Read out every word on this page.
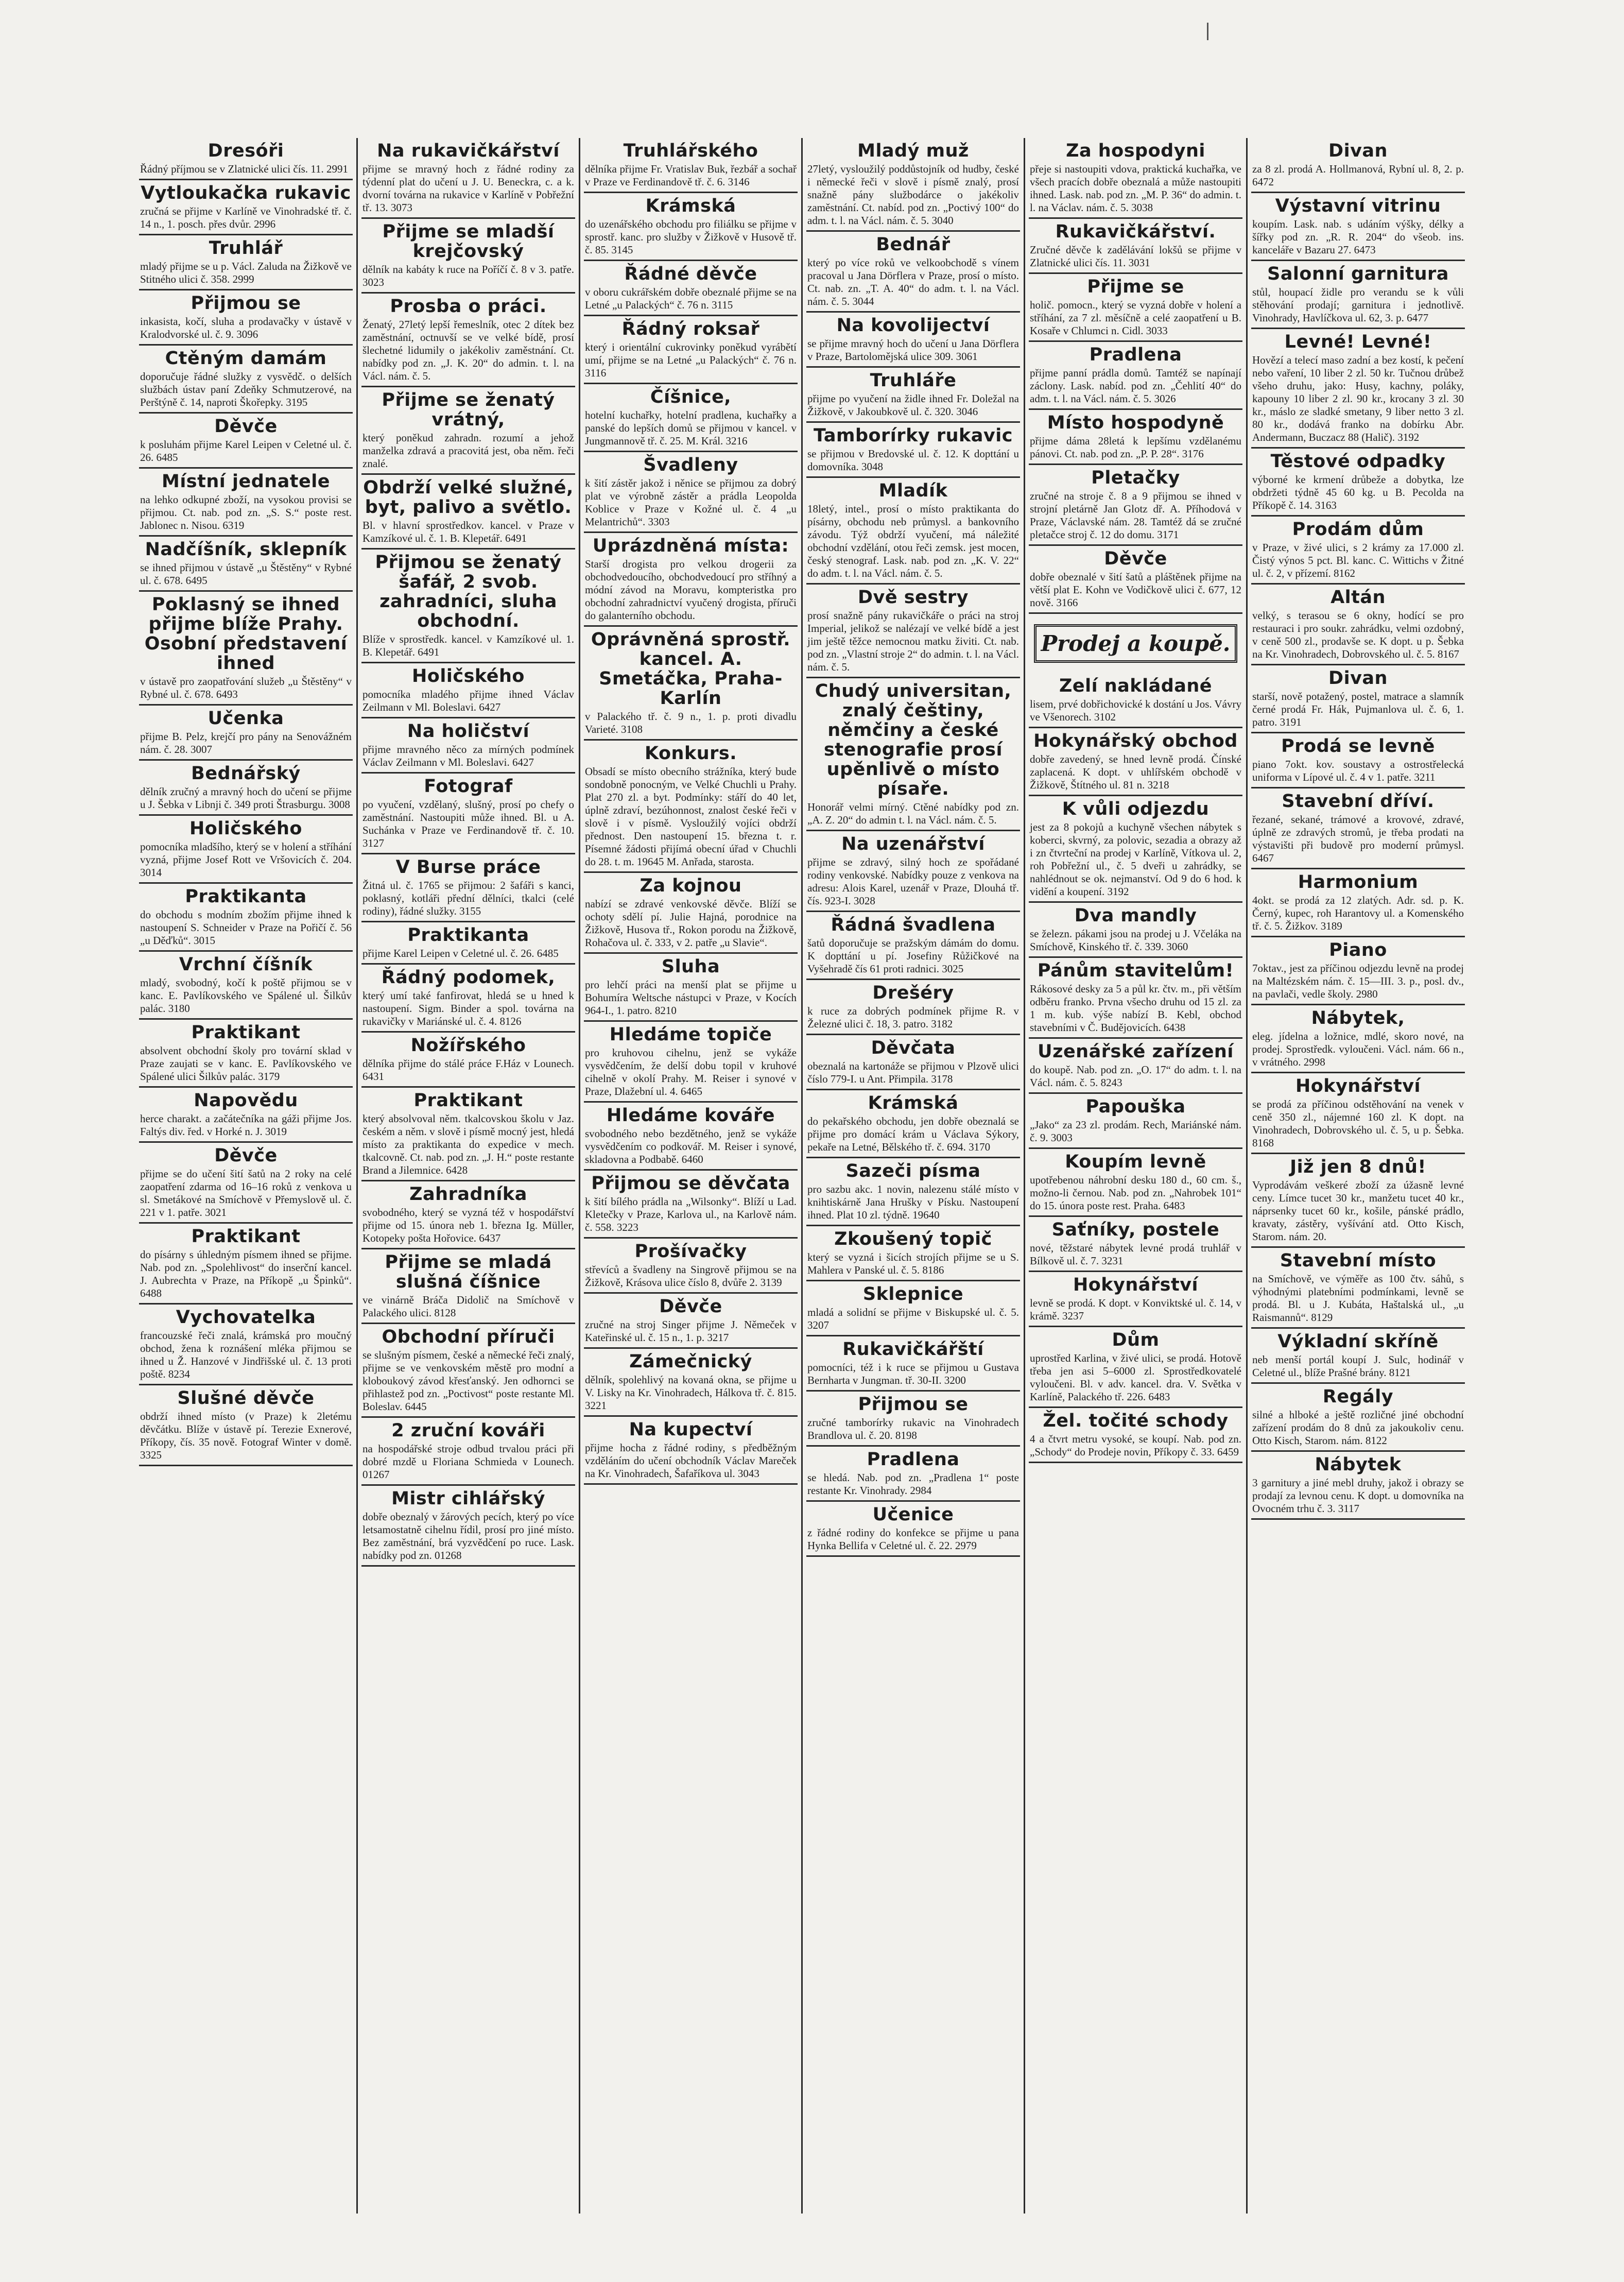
Dresóři
Řádný příjmou se v Zlatnické ulici čís. 11. 2991
Vytloukačka rukavic
zručná se přijme v Karlíně ve Vinohradské tř. č. 14 n., 1. posch. přes dvůr. 2996
Truhlář
mladý přijme se u p. Václ. Zaluda na Žižkově ve Stitného ulici č. 358. 2999
Přijmou se
inkasista, kočí, sluha a prodavačky v ústavě v Kralodvorské ul. č. 9. 3096
Ctěným damám
doporučuje řádné služky z vysvědč. o delších službách ústav paní Zdeňky Schmutzerové, na Perštýně č. 14, naproti Škořepky. 3195
Děvče
k posluhám přijme Karel Leipen v Celetné ul. č. 26. 6485
Místní jednatele
na lehko odkupné zboží, na vysokou provisi se přijmou. Ct. nab. pod zn. „S. S.“ poste rest. Jablonec n. Nisou. 6319
Nadčíšník, sklepník
se ihned přijmou v ústavě „u Štěstěny“ v Rybné ul. č. 678. 6495
Poklasný se ihned přijme blíže Prahy. Osobní představení ihned
v ústavě pro zaopatřování služeb „u Štěstěny“ v Rybné ul. č. 678. 6493
Učenka
přijme B. Pelz, krejčí pro pány na Senovážném nám. č. 28. 3007
Bednářský
dělník zručný a mravný hoch do učení se přijme u J. Šebka v Libnji č. 349 proti Štrasburgu. 3008
Holičského
pomocníka mladšího, který se v holení a stříhání vyzná, přijme Josef Rott ve Vršovicích č. 204. 3014
Praktikanta
do obchodu s modním zbožím přijme ihned k nastoupení S. Schneider v Praze na Pořičí č. 56 „u Děďků“. 3015
Vrchní číšník
mladý, svobodný, kočí k poště přijmou se v kanc. E. Pavlíkovského ve Spálené ul. Šilkův palác. 3180
Praktikant
absolvent obchodní školy pro tovární sklad v Praze zaujati se v kanc. E. Pavlíkovského ve Spálené ulici Šilkův palác. 3179
Napovědu
herce charakt. a začátečníka na gáži přijme Jos. Faltýs div. řed. v Horké n. J. 3019
Děvče
přijme se do učení šití šatů na 2 roky na celé zaopatření zdarma od 16–16 roků z venkova u sl. Smetákové na Smíchově v Přemyslově ul. č. 221 v 1. patře. 3021
Praktikant
do písárny s úhledným písmem ihned se přijme. Nab. pod zn. „Spolehlivost“ do inserční kancel. J. Aubrechta v Praze, na Příkopě „u Špinků“. 6488
Vychovatelka
francouzské řeči znalá, krámská pro moučný obchod, žena k roznášení mléka přijmou se ihned u Ž. Hanzové v Jindřišské ul. č. 13 proti poště. 8234
Slušné děvče
obdrží ihned místo (v Praze) k 2letému děvčátku. Blíže v ústavě pí. Terezie Exnerové, Příkopy, čís. 35 nově. Fotograf Winter v domě. 3325
Na rukavičkářství
přijme se mravný hoch z řádné rodiny za týdenní plat do učení u J. U. Beneckra, c. a k. dvorní továrna na rukavice v Karlíně v Pobřežní tř. 13. 3073
Přijme se mladší krejčovský
dělník na kabáty k ruce na Poříčí č. 8 v 3. patře. 3023
Prosba o práci.
Ženatý, 27letý lepší řemeslník, otec 2 dítek bez zaměstnání, octnuvší se ve velké bídě, prosí šlechetné lidumily o jakékoliv zaměstnání. Ct. nabídky pod zn. „J. K. 20“ do admin. t. l. na Václ. nám. č. 5.
Přijme se ženatý vrátný,
který poněkud zahradn. rozumí a jehož manželka zdravá a pracovitá jest, oba něm. řeči znalé.
Obdrží velké služné, byt, palivo a světlo.
Bl. v hlavní sprostředkov. kancel. v Praze v Kamzíkové ul. č. 1. B. Klepetář. 6491
Přijmou se ženatý šafář, 2 svob. zahradníci, sluha obchodní.
Blíže v sprostředk. kancel. v Kamzíkové ul. 1. B. Klepetář. 6491
Holičského
pomocníka mladého přijme ihned Václav Zeilmann v Ml. Boleslavi. 6427
Na holičství
přijme mravného něco za mírných podmínek Václav Zeilmann v Ml. Boleslavi. 6427
Fotograf
po vyučení, vzdělaný, slušný, prosí po chefy o zaměstnání. Nastoupiti může ihned. Bl. u A. Suchánka v Praze ve Ferdinandově tř. č. 10. 3127
V Burse práce
Žitná ul. č. 1765 se přijmou: 2 šafáři s kanci, poklasný, kotláři přední dělníci, tkalci (celé rodiny), řádné služky. 3155
Praktikanta
přijme Karel Leipen v Celetné ul. č. 26. 6485
Řádný podomek,
který umí také fanfirovat, hledá se u hned k nastoupení. Sigm. Binder a spol. továrna na rukavičky v Mariánské ul. č. 4. 8126
Nožířského
dělníka přijme do stálé práce F.Ház v Lounech. 6431
Praktikant
který absolvoval něm. tkalcovskou školu v Jaz. českém a něm. v slově i písmě mocný jest, hledá místo za praktikanta do expedice v mech. tkalcovně. Ct. nab. pod zn. „J. H.“ poste restante Brand a Jilemnice. 6428
Zahradníka
svobodného, který se vyzná též v hospodářství přijme od 15. února neb 1. března Ig. Müller, Kotopeky pošta Hořovice. 6437
Přijme se mladá slušná číšnice
ve vinárně Bráča Didolič na Smíchově v Palackého ulici. 8128
Obchodní příruči
se slušným písmem, české a německé řeči znalý, přijme se ve venkovském městě pro modní a kloboukový závod křesťanský. Jen odhornci se přihlastež pod zn. „Poctivost“ poste restante Ml. Boleslav. 6445
2 zruční kováři
na hospodářské stroje odbud trvalou práci při dobré mzdě u Floriana Schmieda v Lounech. 01267
Mistr cihlářský
dobře obeznalý v žárových pecích, který po více letsamostatně cihelnu řídil, prosí pro jiné místo. Bez zaměstnání, brá vyzvědčení po ruce. Lask. nabídky pod zn. 01268
Truhlářského
dělníka přijme Fr. Vratislav Buk, řezbář a sochař v Praze ve Ferdinandově tř. č. 6. 3146
Krámská
do uzenářského obchodu pro filiálku se přijme v sprostř. kanc. pro služby v Žižkově v Husově tř. č. 85. 3145
Řádné děvče
v oboru cukrářském dobře obeznalé přijme se na Letné „u Palackých“ č. 76 n. 3115
Řádný roksař
který i orientální cukrovinky poněkud vyrábětí umí, přijme se na Letné „u Palackých“ č. 76 n. 3116
Číšnice,
hotelní kuchařky, hotelní pradlena, kuchařky a panské do lepších domů se přijmou v kancel. v Jungmannově tř. č. 25. M. Král. 3216
Švadleny
k šití zástěr jakož i něnice se přijmou za dobrý plat ve výrobně zástěr a prádla Leopolda Koblice v Praze v Kožné ul. č. 4 „u Melantrichů“. 3303
Uprázdněná místa:
Starší drogista pro velkou drogerii za obchodvedoucího, obchodvedoucí pro stříhný a módní závod na Moravu, kompteristka pro obchodní zahradnictví vyučený drogista, příruči do galanterního obchodu.
Oprávněná sprostř. kancel. A. Smetáčka, Praha-Karlín
v Palackého tř. č. 9 n., 1. p. proti divadlu Varieté. 3108
Konkurs.
Obsadí se místo obecního strážníka, který bude sondobně ponocným, ve Velké Chuchli u Prahy. Plat 270 zl. a byt. Podmínky: stáří do 40 let, úplně zdraví, bezúhonnost, znalost české řeči v slově i v písmě. Vysloužilý vojíci obdrží přednost. Den nastoupení 15. března t. r. Písemné žádosti přijímá obecní úřad v Chuchli do 28. t. m. 19645 M. Anřada, starosta.
Za kojnou
nabízí se zdravé venkovské děvče. Blíží se ochoty sdělí pí. Julie Hajná, porodnice na Žižkově, Husova tř., Rokon porodu na Žižkově, Rohačova ul. č. 333, v 2. patře „u Slavie“.
Sluha
pro lehčí práci na menší plat se přijme u Bohumíra Weltsche nástupci v Praze, v Kocích 964-I., 1. patro. 8210
Hledáme topiče
pro kruhovou cihelnu, jenž se vykáže vysvědčením, že delší dobu topil v kruhové cihelně v okolí Prahy. M. Reiser i synové v Praze, Dlažební ul. 4. 6465
Hledáme kováře
svobodného nebo bezdětného, jenž se vykáže vysvědčením co podkovář. M. Reiser i synové, skladovna a Podbabě. 6460
Přijmou se děvčata
k šití bílého prádla na „Wilsonky“. Blíží u Lad. Kletečky v Praze, Karlova ul., na Karlově nám. č. 558. 3223
Prošívačky
střevíců a švadleny na Singrově přijmou se na Žižkově, Krásova ulice číslo 8, dvůře 2. 3139
Děvče
zručné na stroj Singer přijme J. Němeček v Kateřinské ul. č. 15 n., 1. p. 3217
Zámečnický
dělník, spolehlivý na kovaná okna, se přijme u V. Lisky na Kr. Vinohradech, Hálkova tř. č. 815. 3221
Na kupectví
přijme hocha z řádné rodiny, s předběžným vzděláním do učení obchodník Václav Mareček na Kr. Vinohradech, Šafaříkova ul. 3043
Mladý muž
27letý, vysloužilý poddůstojník od hudby, české i německé řeči v slově i písmě znalý, prosí snažně pány službodárce o jakékoliv zaměstnání. Ct. nabíd. pod zn. „Poctivý 100“ do adm. t. l. na Václ. nám. č. 5. 3040
Bednář
který po více roků ve velkoobchodě s vínem pracoval u Jana Dörflera v Praze, prosí o místo. Ct. nab. zn. „T. A. 40“ do adm. t. l. na Václ. nám. č. 5. 3044
Na kovolijectví
se přijme mravný hoch do učení u Jana Dörflera v Praze, Bartolomějská ulice 309. 3061
Truhláře
přijme po vyučení na židle ihned Fr. Doležal na Žižkově, v Jakoubkově ul. č. 320. 3046
Tamborírky rukavic
se přijmou v Bredovské ul. č. 12. K dopttání u domovníka. 3048
Mladík
18letý, intel., prosí o místo praktikanta do písárny, obchodu neb průmysl. a bankovního závodu. Týž obdrží vyučení, má náležité obchodní vzdělání, otou řeči zemsk. jest mocen, český stenograf. Lask. nab. pod zn. „K. V. 22“ do adm. t. l. na Václ. nám. č. 5.
Dvě sestry
prosí snažně pány rukavičkáře o práci na stroj Imperial, jelikož se nalézají ve velké bídě a jest jim ještě těžce nemocnou matku živiti. Ct. nab. pod zn. „Vlastní stroje 2“ do admin. t. l. na Václ. nám. č. 5.
Chudý universitan, znalý češtiny, němčiny a české stenografie prosí upěnlivě o místo písaře.
Honorář velmi mírný. Ctěné nabídky pod zn. „A. Z. 20“ do admin t. l. na Václ. nám. č. 5.
Na uzenářství
přijme se zdravý, silný hoch ze spořádané rodiny venkovské. Nabídky pouze z venkova na adresu: Alois Karel, uzenář v Praze, Dlouhá tř. čís. 923-I. 3028
Řádná švadlena
šatů doporučuje se pražským dámám do domu. K dopttání u pí. Josefiny Růžičkové na Vyšehradě čís 61 proti radnici. 3025
Drešéry
k ruce za dobrých podmínek přijme R. v Železné ulici č. 18, 3. patro. 3182
Děvčata
obeznalá na kartonáže se přijmou v Plzově ulici číslo 779-I. u Ant. Přimpila. 3178
Krámská
do pekařského obchodu, jen dobře obeznalá se přijme pro domácí krám u Václava Sýkory, pekaře na Letné, Bělského tř. č. 694. 3170
Sazeči písma
pro sazbu akc. 1 novin, nalezenu stálé místo v knihtiskárně Jana Hrušky v Písku. Nastoupení ihned. Plat 10 zl. týdně. 19640
Zkoušený topič
který se vyzná i šicích strojích přijme se u S. Mahlera v Panské ul. č. 5. 8186
Sklepnice
mladá a solidní se přijme v Biskupské ul. č. 5. 3207
Rukavičkářští
pomocníci, též i k ruce se přijmou u Gustava Bernharta v Jungman. tř. 30-II. 3200
Přijmou se
zručné tamborírky rukavic na Vinohradech Brandlova ul. č. 20. 8198
Pradlena
se hledá. Nab. pod zn. „Pradlena 1“ poste restante Kr. Vinohrady. 2984
Učenice
z řádné rodiny do konfekce se přijme u pana Hynka Bellifa v Celetné ul. č. 22. 2979
Za hospodyni
přeje si nastoupiti vdova, praktická kuchařka, ve všech pracích dobře obeznalá a může nastoupiti ihned. Lask. nab. pod zn. „M. P. 36“ do admin. t. l. na Václav. nám. č. 5. 3038
Rukavičkářství.
Zručné děvče k zadělávání lokšů se přijme v Zlatnické ulici čís. 11. 3031
Přijme se
holič. pomocn., který se vyzná dobře v holení a stříhání, za 7 zl. měsíčně a celé zaopatření u B. Kosaře v Chlumci n. Cidl. 3033
Pradlena
přijme panní prádla domů. Tamtéž se napínají záclony. Lask. nabíd. pod zn. „Čehlití 40“ do adm. t. l. na Václ. nám. č. 5. 3026
Místo hospodyně
přijme dáma 28letá k lepšímu vzdělanému pánovi. Ct. nab. pod zn. „P. P. 28“. 3176
Pletačky
zručné na stroje č. 8 a 9 přijmou se ihned v strojní pletárně Jan Glotz dř. A. Příhodová v Praze, Václavské nám. 28. Tamtéž dá se zručné pletačce stroj č. 12 do domu. 3171
Děvče
dobře obeznalé v šití šatů a pláštěnek přijme na větší plat E. Kohn ve Vodičkově ulici č. 677, 12 nově. 3166
Prodej a koupě.
Zelí nakládané
lisem, prvé dobřichovické k dostání u Jos. Vávry ve Všenorech. 3102
Hokynářský obchod
dobře zavedený, se hned levně prodá. Čínské zaplacená. K dopt. v uhlířském obchodě v Žižkově, Štítného ul. 81 n. 3218
K vůli odjezdu
jest za 8 pokojů a kuchyně všechen nábytek s koberci, skvrný, za polovic, sezadia a obrazy až i zn čtvrteční na prodej v Karlíně, Vítkova ul. 2, roh Pobřežní ul., č. 5 dveři u zahrádky, se nahlédnout se ok. nejmanství. Od 9 do 6 hod. k vidění a koupení. 3192
Dva mandly
se železn. pákami jsou na prodej u J. Včeláka na Smíchově, Kinského tř. č. 339. 3060
Pánům stavitelům!
Rákosové desky za 5 a půl kr. čtv. m., při větším odběru franko. Prvna všecho druhu od 15 zl. za 1 m. kub. výše nabízí B. Kebl, obchod stavebními v Č. Budějovicích. 6438
Uzenářské zařízení
do koupě. Nab. pod zn. „O. 17“ do adm. t. l. na Václ. nám. č. 5. 8243
Papouška
„Jako“ za 23 zl. prodám. Rech, Mariánské nám. č. 9. 3003
Koupím levně
upotřebenou náhrobní desku 180 d., 60 cm. š., možno-li černou. Nab. pod zn. „Nahrobek 101“ do 15. února poste rest. Praha. 6483
Saťníky, postele
nové, těžstaré nábytek levné prodá truhlář v Bílkově ul. č. 7. 3231
Hokynářství
levně se prodá. K dopt. v Konviktské ul. č. 14, v krámě. 3237
Dům
uprostřed Karlina, v živé ulici, se prodá. Hotově třeba jen asi 5–6000 zl. Sprostředkovatelé vyloučeni. Bl. v adv. kancel. dra. V. Světka v Karlíně, Palackého tř. 226. 6483
Žel. točité schody
4 a čtvrt metru vysoké, se koupí. Nab. pod zn. „Schody“ do Prodeje novin, Příkopy č. 33. 6459
Divan
za 8 zl. prodá A. Hollmanová, Rybní ul. 8, 2. p. 6472
Výstavní vitrinu
koupím. Lask. nab. s udáním výšky, délky a šířky pod zn. „R. R. 204“ do všeob. ins. kanceláře v Bazaru 27. 6473
Salonní garnitura
stůl, houpací židle pro verandu se k vůli stěhování prodají; garnitura i jednotlivě. Vinohrady, Havlíčkova ul. 62, 3. p. 6477
Levné! Levné!
Hovězí a telecí maso zadní a bez kostí, k pečení nebo vaření, 10 liber 2 zl. 50 kr. Tučnou drůbež všeho druhu, jako: Husy, kachny, poláky, kapouny 10 liber 2 zl. 90 kr., krocany 3 zl. 30 kr., máslo ze sladké smetany, 9 liber netto 3 zl. 80 kr., dodává franko na dobírku Abr. Andermann, Buczacz 88 (Halič). 3192
Těstové odpadky
výborné ke krmení drůbeže a dobytka, lze obdržeti týdně 45 60 kg. u B. Pecolda na Příkopě č. 14. 3163
Prodám dům
v Praze, v živé ulici, s 2 krámy za 17.000 zl. Čistý výnos 5 pct. Bl. kanc. C. Wittichs v Žitné ul. č. 2, v přízemí. 8162
Altán
velký, s terasou se 6 okny, hodící se pro restauraci i pro soukr. zahrádku, velmi ozdobný, v ceně 500 zl., prodavše se. K dopt. u p. Šebka na Kr. Vinohradech, Dobrovského ul. č. 5. 8167
Divan
starší, nově potažený, postel, matrace a slamník černé prodá Fr. Hák, Pujmanlova ul. č. 6, 1. patro. 3191
Prodá se levně
piano 7okt. kov. soustavy a ostrostřelecká uniforma v Lípové ul. č. 4 v 1. patře. 3211
Stavební dříví.
řezané, sekané, trámové a krovové, zdravé, úplně ze zdravých stromů, je třeba prodati na výstavišti při budově pro moderní průmysl. 6467
Harmonium
4okt. se prodá za 12 zlatých. Adr. sd. p. K. Černý, kupec, roh Harantovy ul. a Komenského tř. č. 5. Žižkov. 3189
Piano
7oktav., jest za příčinou odjezdu levně na prodej na Maltézském nám. č. 15—III. 3. p., posl. dv., na pavlači, vedle školy. 2980
Nábytek,
eleg. jídelna a ložnice, mdlé, skoro nové, na prodej. Sprostředk. vyloučeni. Václ. nám. 66 n., v vrátného. 2998
Hokynářství
se prodá za příčinou odstěhování na venek v ceně 350 zl., nájemné 160 zl. K dopt. na Vinohradech, Dobrovského ul. č. 5, u p. Šebka. 8168
Již jen 8 dnů!
Vyprodávám veškeré zboží za úžasně levné ceny. Límce tucet 30 kr., manžetu tucet 40 kr., náprsenky tucet 60 kr., košile, pánské prádlo, kravaty, zástěry, vyšívání atd. Otto Kisch, Starom. nám. 20.
Stavební místo
na Smíchově, ve výměře as 100 čtv. sáhů, s výhodnými platebními podmínkami, levně se prodá. Bl. u J. Kubáta, Haštalská ul., „u Raismannů“. 8129
Výkladní skříně
neb menší portál koupí J. Sulc, hodinář v Celetné ul., blíže Prašné brány. 8121
Regály
silné a hlboké a ještě rozličné jiné obchodní zařízení prodám do 8 dnů za jakoukoliv cenu. Otto Kisch, Starom. nám. 8122
Nábytek
3 garnitury a jiné mebl druhy, jakož i obrazy se prodají za levnou cenu. K dopt. u domovníka na Ovocném trhu č. 3. 3117
